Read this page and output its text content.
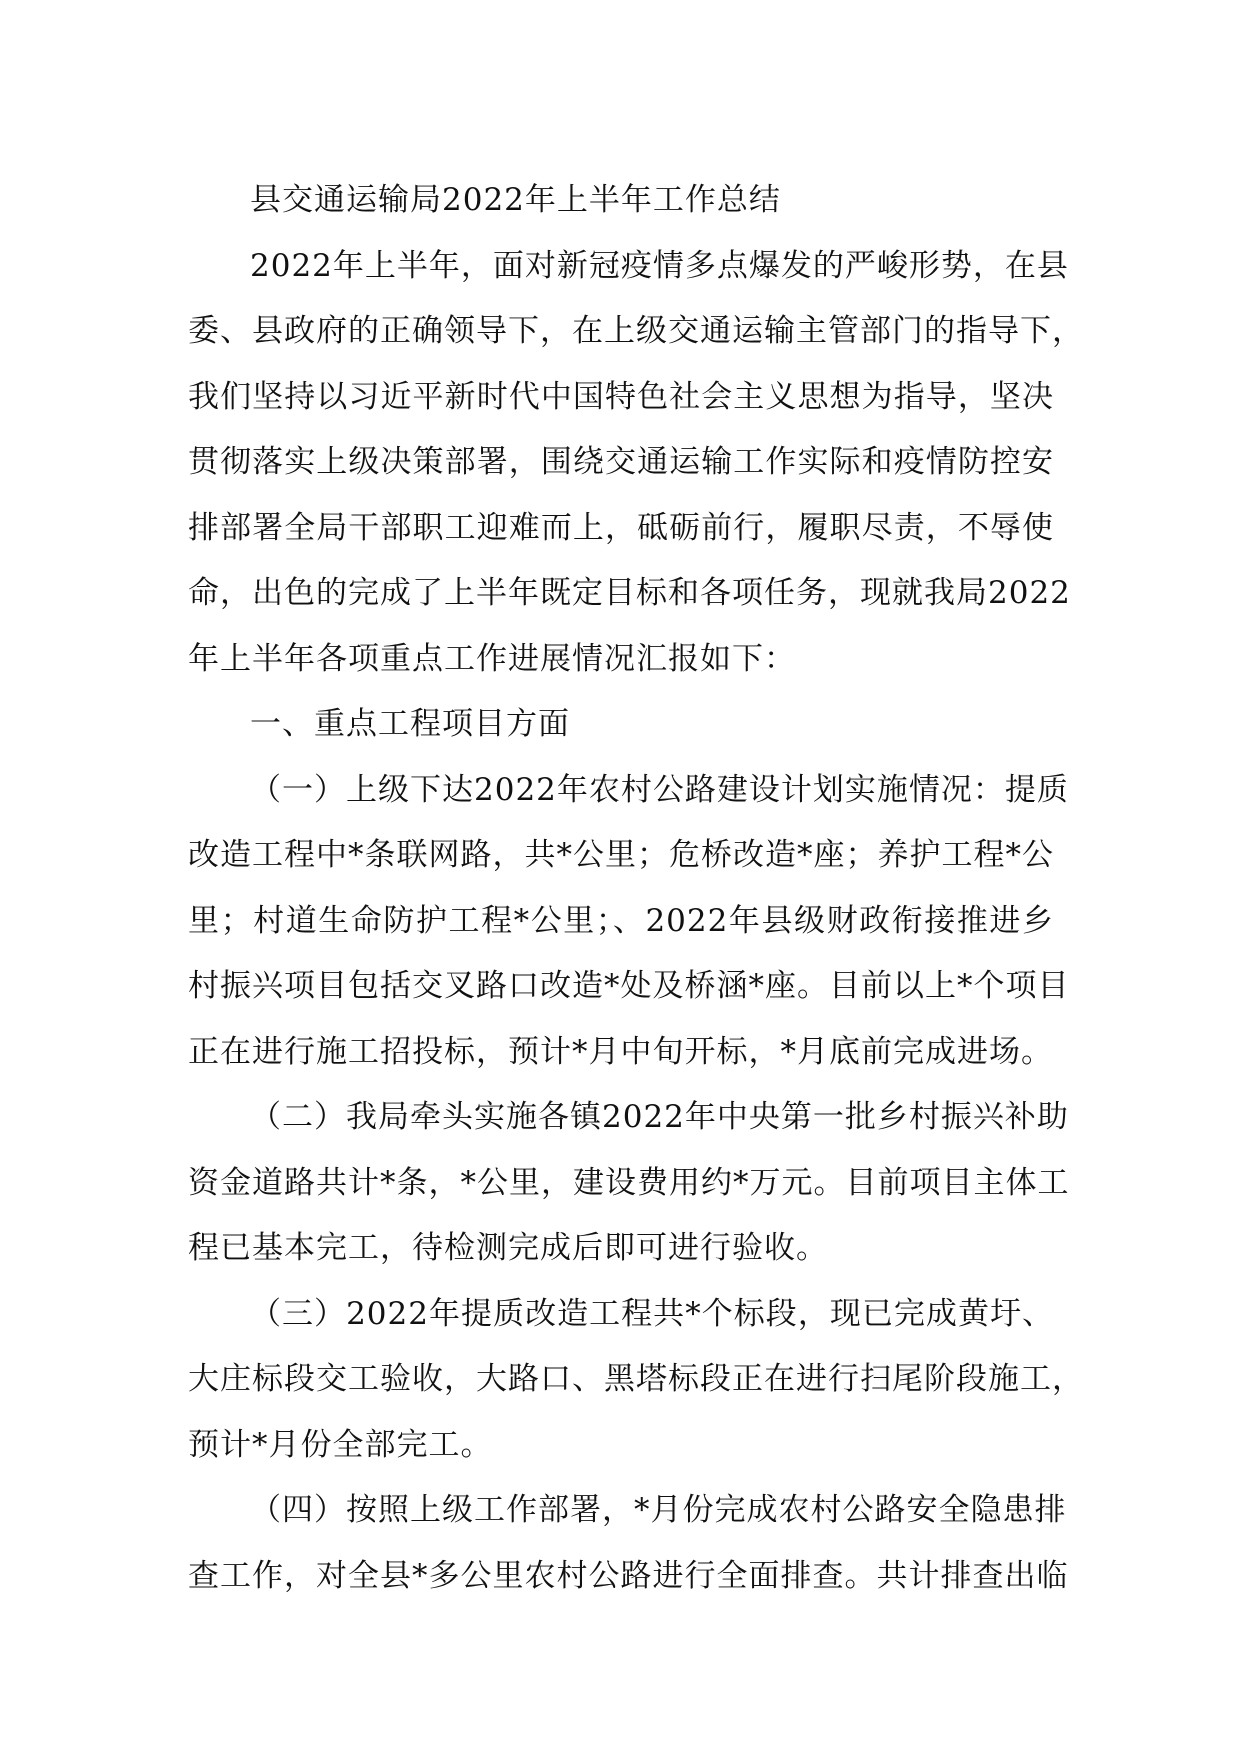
县交通运输局2022年上半年工作总结
2022年上半年，面对新冠疫情多点爆发的严峻形势，在县
委、县政府的正确领导下，在上级交通运输主管部门的指导下，
我们坚持以习近平新时代中国特色社会主义思想为指导，坚决
贯彻落实上级决策部署，围绕交通运输工作实际和疫情防控安
排部署全局干部职工迎难而上，砥砺前行，履职尽责，不辱使
命，出色的完成了上半年既定目标和各项任务，现就我局2022
年上半年各项重点工作进展情况汇报如下：
一、重点工程项目方面
（一）上级下达2022年农村公路建设计划实施情况：提质
改造工程中*条联网路，共*公里；危桥改造*座；养护工程*公
里；村道生命防护工程*公里；、2022年县级财政衔接推进乡
村振兴项目包括交叉路口改造*处及桥涵*座。目前以上*个项目
正在进行施工招投标，预计*月中旬开标，*月底前完成进场。
（二）我局牵头实施各镇2022年中央第一批乡村振兴补助
资金道路共计*条，*公里，建设费用约*万元。目前项目主体工
程已基本完工，待检测完成后即可进行验收。
（三）2022年提质改造工程共*个标段，现已完成黄圩、
大庄标段交工验收，大路口、黑塔标段正在进行扫尾阶段施工，
预计*月份全部完工。
（四）按照上级工作部署，*月份完成农村公路安全隐患排
查工作，对全县*多公里农村公路进行全面排查。共计排查出临
